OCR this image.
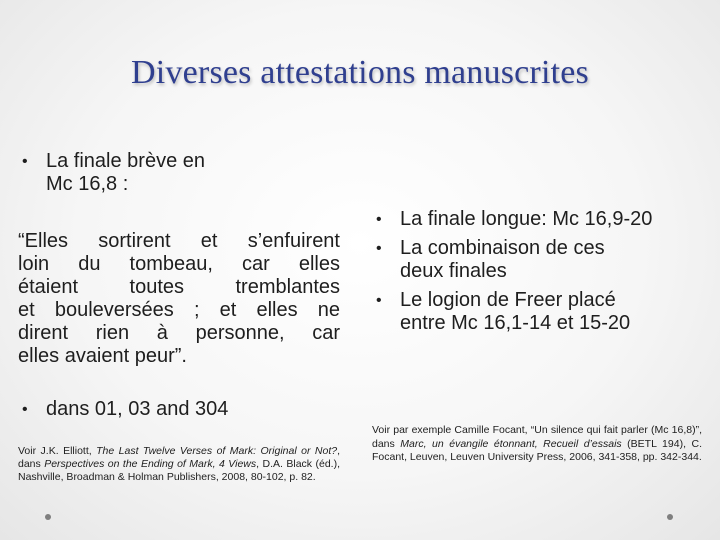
Diverses attestations manuscrites
• La finale brève en
Mc 16,8 :
“Elles sortirent et s’enfuirent
loin du tombeau, car elles
étaient toutes tremblantes
et bouleversées ; et elles ne
dirent rien à personne, car
elles avaient peur”.
• dans 01, 03 and 304
Voir J.K. Elliott, The Last Twelve Verses of Mark: Original or Not?, dans Perspectives on the Ending of Mark, 4 Views, D.A. Black (éd.), Nashville, Broadman & Holman Publishers, 2008, 80-102, p. 82.
• La finale longue: Mc 16,9-20
• La combinaison de ces
deux finales
• Le logion de Freer placé
entre Mc 16,1-14 et 15-20
Voir par exemple Camille Focant, “Un silence qui fait parler (Mc 16,8)”, dans Marc, un évangile étonnant, Recueil d’essais (BETL 194), C. Focant, Leuven, Leuven University Press, 2006, 341-358, pp. 342-344.
